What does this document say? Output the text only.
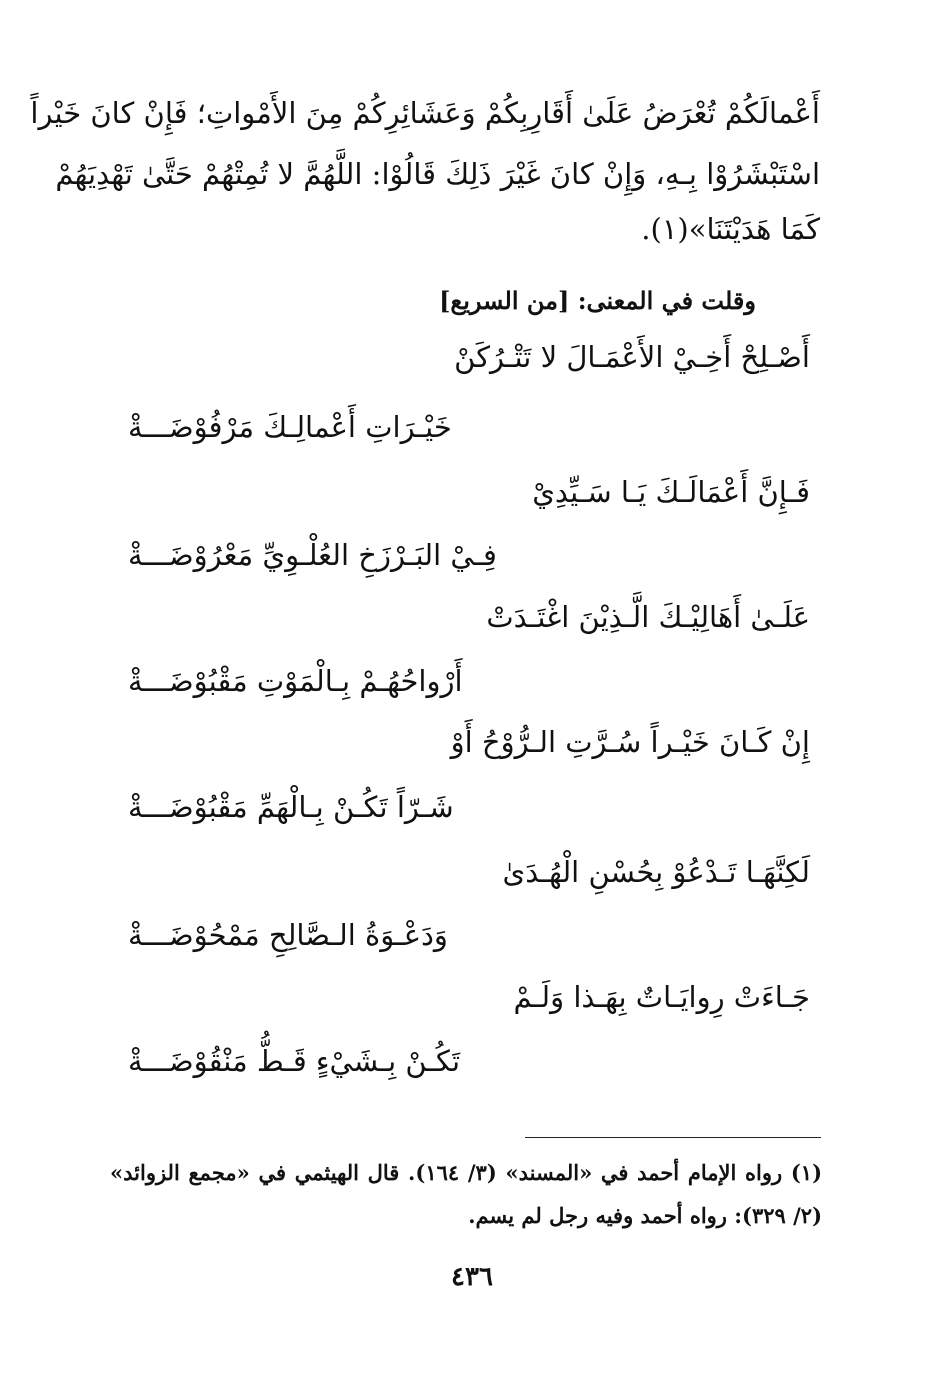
أَعْمالَكُمْ تُعْرَضُ عَلَىٰ أَقَارِبِكُمْ وَعَشَائِرِكُمْ مِنَ الأَمْواتِ؛ فَإِنْ كانَ خَيْراً
اسْتَبْشَرُوْا بِـهِ، وَإِنْ كانَ غَيْرَ ذَلِكَ قَالُوْا: اللَّهُمَّ لا تُمِتْهُمْ حَتَّىٰ تَهْدِيَهُمْ
كَمَا هَدَيْتَنَا»(١).
وقلت في المعنى: [من السريع]
أَصْـلِحْ أَخِـيْ الأَعْمَـالَ لا تَتْـرُكَنْ
خَيْـرَاتِ أَعْمالِـكَ مَرْفُوْضَـــةْ
فَـإِنَّ أَعْمَالَـكَ يَـا سَـيِّدِيْ
فِـيْ البَـرْزَخِ العُلْـوِيِّ مَعْرُوْضَـــةْ
عَلَـىٰ أَهَالِيْـكَ الَّـذِيْنَ اغْتَـدَتْ
أَرْواحُهُـمْ بِـالْمَوْتِ مَقْبُوْضَـــةْ
إِنْ كَـانَ خَيْـراً سُـرَّتِ الـرُّوْحُ أَوْ
شَـرّاً تَكُـنْ بِـالْهَمِّ مَقْبُوْضَـــةْ
لَكِنَّهَـا تَـدْعُوْ بِحُسْنِ الْهُـدَىٰ
وَدَعْـوَةُ الـصَّالِحِ مَمْحُوْضَـــةْ
جَـاءَتْ رِوايَـاتٌ بِهَـذا وَلَـمْ
تَكُـنْ بِـشَيْءٍ قَـطُّ مَنْقُوْضَـــةْ
(١) رواه الإمام أحمد في «المسند» (٣/ ١٦٤). قال الهيثمي في «مجمع الزوائد»
(٢/ ٣٢٩): رواه أحمد وفيه رجل لم يسم.
٤٣٦
